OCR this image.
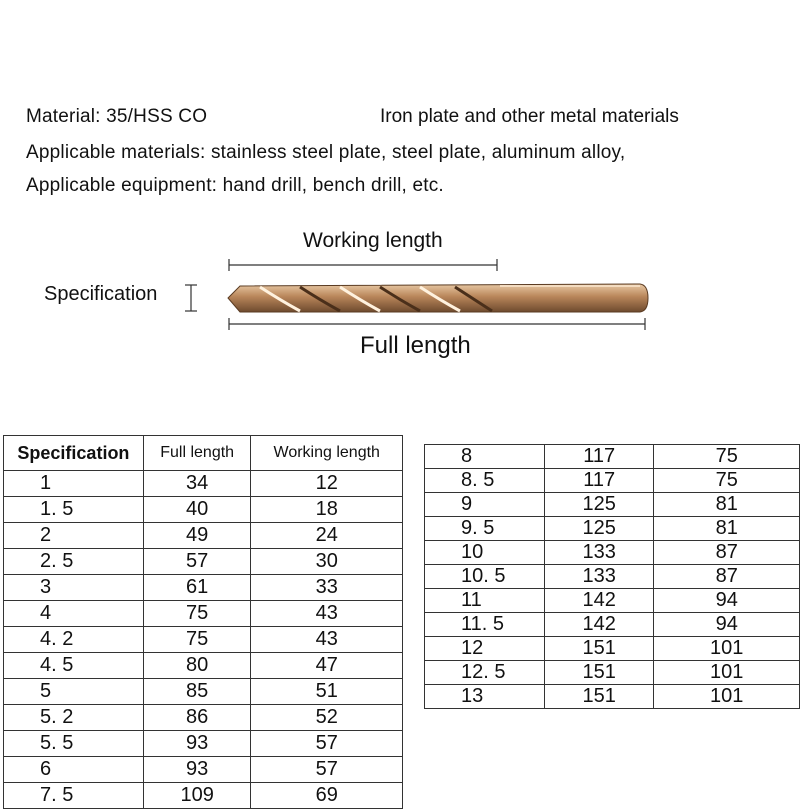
Material: 35/HSS CO	Iron plate and other metal materials
Applicable materials: stainless steel plate, steel plate, aluminum alloy,
Applicable equipment: hand drill, bench drill, etc.
Working length
Specification
Full length
Specification	Full length	Working length
1	34	12
1. 5	40	18
2	49	24
2. 5	57	30
3	61	33
4	75	43
4. 2	75	43
4. 5	80	47
5	85	51
5. 2	86	52
5. 5	93	57
6	93	57
7. 5	109	69
8	117	75
8. 5	117	75
9	125	81
9. 5	125	81
10	133	87
10. 5	133	87
11	142	94
11. 5	142	94
12	151	101
12. 5	151	101
13	151	101
